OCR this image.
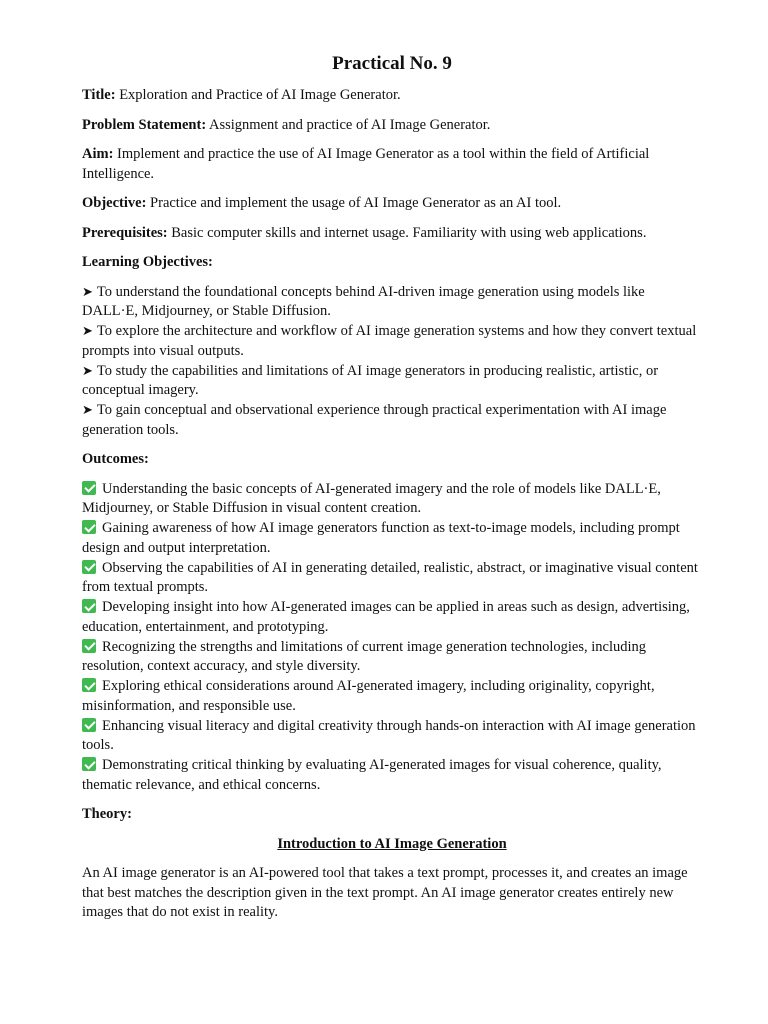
Practical No. 9

Title: Exploration and Practice of AI Image Generator.

Problem Statement: Assignment and practice of AI Image Generator.

Aim: Implement and practice the use of AI Image Generator as a tool within the field of Artificial Intelligence.

Objective: Practice and implement the usage of AI Image Generator as an AI tool.

Prerequisites: Basic computer skills and internet usage. Familiarity with using web applications.

Learning Objectives:
➤ To understand the foundational concepts behind AI-driven image generation using models like DALL·E, Midjourney, or Stable Diffusion.
➤ To explore the architecture and workflow of AI image generation systems and how they convert textual prompts into visual outputs.
➤ To study the capabilities and limitations of AI image generators in producing realistic, artistic, or conceptual imagery.
➤ To gain conceptual and observational experience through practical experimentation with AI image generation tools.
Outcomes:
Understanding the basic concepts of AI-generated imagery and the role of models like DALL·E, Midjourney, or Stable Diffusion in visual content creation.
Gaining awareness of how AI image generators function as text-to-image models, including prompt design and output interpretation.
Observing the capabilities of AI in generating detailed, realistic, abstract, or imaginative visual content from textual prompts.
Developing insight into how AI-generated images can be applied in areas such as design, advertising, education, entertainment, and prototyping.
Recognizing the strengths and limitations of current image generation technologies, including resolution, context accuracy, and style diversity.
Exploring ethical considerations around AI-generated imagery, including originality, copyright, misinformation, and responsible use.
Enhancing visual literacy and digital creativity through hands-on interaction with AI image generation tools.
Demonstrating critical thinking by evaluating AI-generated images for visual coherence, quality, thematic relevance, and ethical concerns.
Theory:
Introduction to AI Image Generation

An AI image generator is an AI-powered tool that takes a text prompt, processes it, and creates an image that best matches the description given in the text prompt. An AI image generator creates entirely new images that do not exist in reality.
